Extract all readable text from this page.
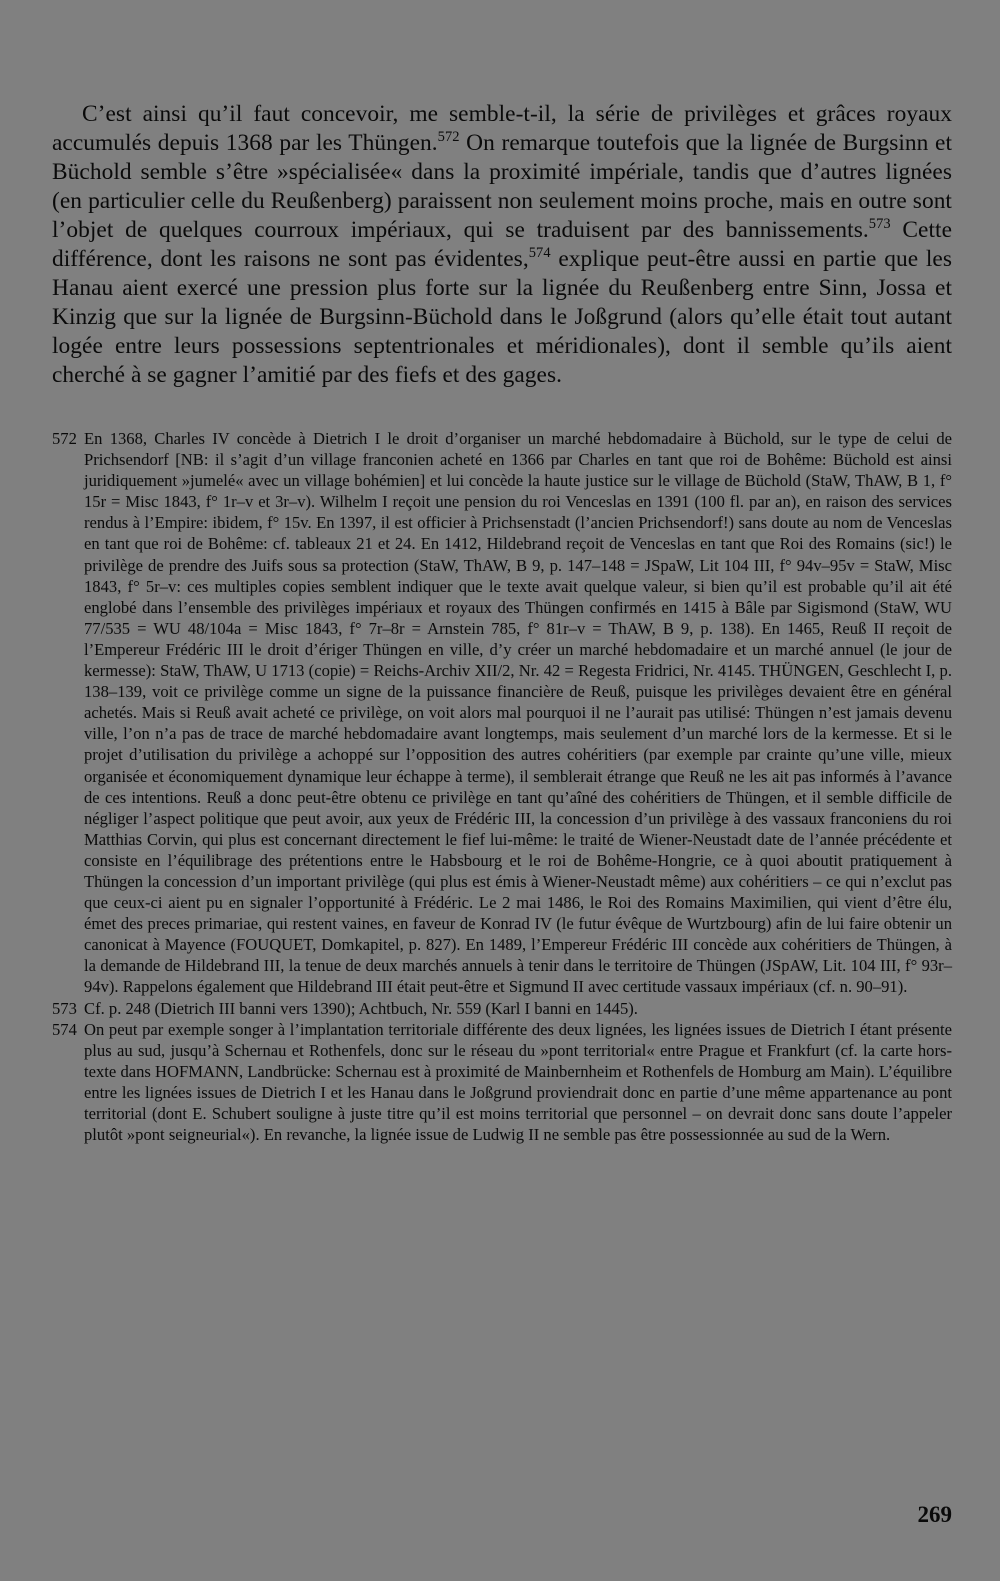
C’est ainsi qu’il faut concevoir, me semble-t-il, la série de privilèges et grâces royaux accumulés depuis 1368 par les Thüngen.$^{572}$ On remarque toutefois que la lignée de Burgsinn et Büchold semble s’être »spécialisée« dans la proximité impériale, tandis que d’autres lignées (en particulier celle du Reußenberg) paraissent non seulement moins proche, mais en outre sont l’objet de quelques courroux impériaux, qui se traduisent par des bannissements.$^{573}$ Cette différence, dont les raisons ne sont pas évidentes,$^{574}$ explique peut-être aussi en partie que les Hanau aient exercé une pression plus forte sur la lignée du Reußenberg entre Sinn, Jossa et Kinzig que sur la lignée de Burgsinn-Büchold dans le Joßgrund (alors qu’elle était tout autant logée entre leurs possessions septentrionales et méridionales), dont il semble qu’ils aient cherché à se gagner l’amitié par des fiefs et des gages.

572 En 1368, Charles IV concède à Dietrich I le droit d’organiser un marché hebdomadaire à Büchold, sur le type de celui de Prichsendorf [NB: il s’agit d’un village franconien acheté en 1366 par Charles en tant que roi de Bohême: Büchold est ainsi juridiquement »jumelé« avec un village bohémien] et lui concède la haute justice sur le village de Büchold (StaW, ThAW, B 1, f° 15r = Misc 1843, f° 1r–v et 3r–v). Wilhelm I reçoit une pension du roi Venceslas en 1391 (100 fl. par an), en raison des services rendus à l’Empire: ibidem, f° 15v. En 1397, il est officier à Prichsenstadt (l’ancien Prichsendorf!) sans doute au nom de Venceslas en tant que roi de Bohême: cf. tableaux 21 et 24. En 1412, Hildebrand reçoit de Venceslas en tant que Roi des Romains (sic!) le privilège de prendre des Juifs sous sa protection (StaW, ThAW, B 9, p. 147–148 = JSpaW, Lit 104 III, f° 94v–95v = StaW, Misc 1843, f° 5r–v: ces multiples copies semblent indiquer que le texte avait quelque valeur, si bien qu’il est probable qu’il ait été englobé dans l’ensemble des privilèges impériaux et royaux des Thüngen confirmés en 1415 à Bâle par Sigismond (StaW, WU 77/535 = WU 48/104a = Misc 1843, f° 7r–8r = Arnstein 785, f° 81r–v = ThAW, B 9, p. 138). En 1465, Reuß II reçoit de l’Empereur Frédéric III le droit d’ériger Thüngen en ville, d’y créer un marché hebdomadaire et un marché annuel (le jour de kermesse): StaW, ThAW, U 1713 (copie) = Reichs-Archiv XII/2, Nr. 42 = Regesta Fridrici, Nr. 4145. THÜNGEN, Geschlecht I, p. 138–139, voit ce privilège comme un signe de la puissance financière de Reuß, puisque les privilèges devaient être en général achetés. Mais si Reuß avait acheté ce privilège, on voit alors mal pourquoi il ne l’aurait pas utilisé: Thüngen n’est jamais devenu ville, l’on n’a pas de trace de marché hebdomadaire avant longtemps, mais seulement d’un marché lors de la kermesse. Et si le projet d’utilisation du privilège a achoppé sur l’opposition des autres cohéritiers (par exemple par crainte qu’une ville, mieux organisée et économiquement dynamique leur échappe à terme), il semblerait étrange que Reuß ne les ait pas informés à l’avance de ces intentions. Reuß a donc peut-être obtenu ce privilège en tant qu’aîné des cohéritiers de Thüngen, et il semble difficile de négliger l’aspect politique que peut avoir, aux yeux de Frédéric III, la concession d’un privilège à des vassaux franconiens du roi Matthias Corvin, qui plus est concernant directement le fief lui-même: le traité de Wiener-Neustadt date de l’année précédente et consiste en l’équilibrage des prétentions entre le Habsbourg et le roi de Bohême-Hongrie, ce à quoi aboutit pratiquement à Thüngen la concession d’un important privilège (qui plus est émis à Wiener-Neustadt même) aux cohéritiers – ce qui n’exclut pas que ceux-ci aient pu en signaler l’opportunité à Frédéric. Le 2 mai 1486, le Roi des Romains Maximilien, qui vient d’être élu, émet des preces primariae, qui restent vaines, en faveur de Konrad IV (le futur évêque de Wurtzbourg) afin de lui faire obtenir un canonicat à Mayence (FOUQUET, Domkapitel, p. 827). En 1489, l’Empereur Frédéric III concède aux cohéritiers de Thüngen, à la demande de Hildebrand III, la tenue de deux marchés annuels à tenir dans le territoire de Thüngen (JSpAW, Lit. 104 III, f° 93r–94v). Rappelons également que Hildebrand III était peut-être et Sigmund II avec certitude vassaux impériaux (cf. n. 90–91).
573 Cf. p. 248 (Dietrich III banni vers 1390); Achtbuch, Nr. 559 (Karl I banni en 1445).
574 On peut par exemple songer à l’implantation territoriale différente des deux lignées, les lignées issues de Dietrich I étant présente plus au sud, jusqu’à Schernau et Rothenfels, donc sur le réseau du »pont territorial« entre Prague et Frankfurt (cf. la carte hors-texte dans HOFMANN, Landbrücke: Schernau est à proximité de Mainbernheim et Rothenfels de Homburg am Main). L’équilibre entre les lignées issues de Dietrich I et les Hanau dans le Joßgrund proviendrait donc en partie d’une même appartenance au pont territorial (dont E. Schubert souligne à juste titre qu’il est moins territorial que personnel – on devrait donc sans doute l’appeler plutôt »pont seigneurial«). En revanche, la lignée issue de Ludwig II ne semble pas être possessionnée au sud de la Wern.
269
